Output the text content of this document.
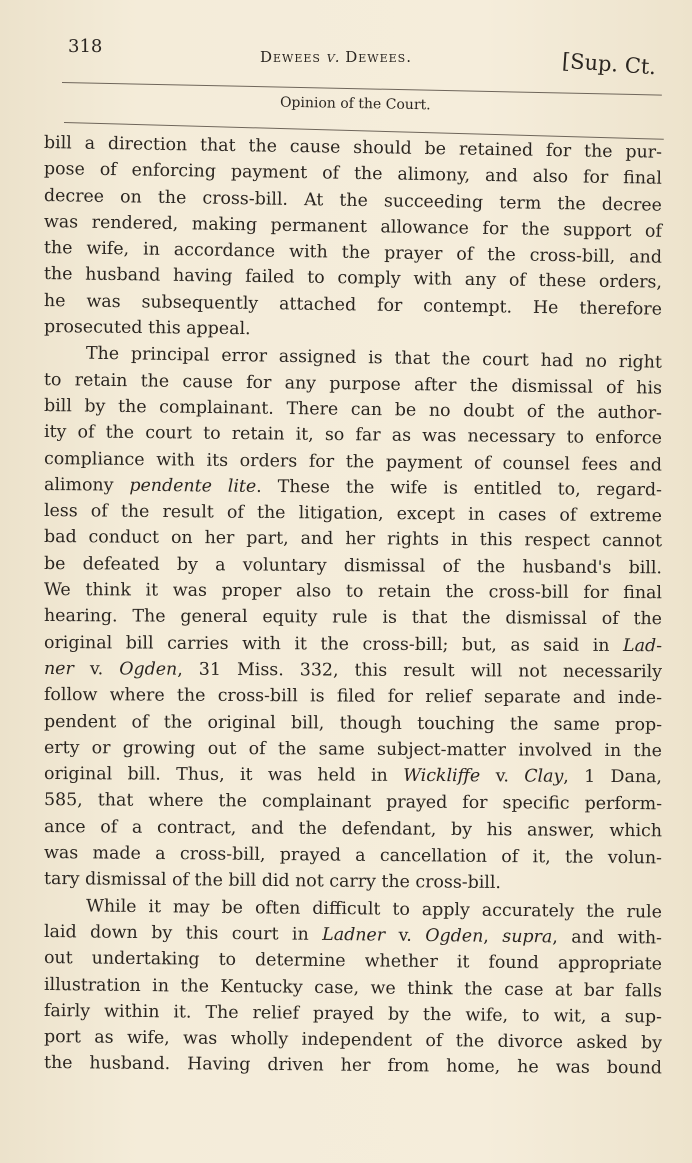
318	Dewees v. Dewees.	[Sup. Ct.
Opinion of the Court.
bill a direction that the cause should be retained for the pur-
pose of enforcing payment of the alimony, and also for final
decree on the cross-bill. At the succeeding term the decree
was rendered, making permanent allowance for the support of
the wife, in accordance with the prayer of the cross-bill, and
the husband having failed to comply with any of these orders,
he was subsequently attached for contempt. He therefore
prosecuted this appeal.
The principal error assigned is that the court had no right
to retain the cause for any purpose after the dismissal of his
bill by the complainant. There can be no doubt of the author-
ity of the court to retain it, so far as was necessary to enforce
compliance with its orders for the payment of counsel fees and
alimony pendente lite. These the wife is entitled to, regard-
less of the result of the litigation, except in cases of extreme
bad conduct on her part, and her rights in this respect cannot
be defeated by a voluntary dismissal of the husband's bill.
We think it was proper also to retain the cross-bill for final
hearing. The general equity rule is that the dismissal of the
original bill carries with it the cross-bill; but, as said in Lad-
ner v. Ogden, 31 Miss. 332, this result will not necessarily
follow where the cross-bill is filed for relief separate and inde-
pendent of the original bill, though touching the same prop-
erty or growing out of the same subject-matter involved in the
original bill. Thus, it was held in Wickliffe v. Clay, 1 Dana,
585, that where the complainant prayed for specific perform-
ance of a contract, and the defendant, by his answer, which
was made a cross-bill, prayed a cancellation of it, the volun-
tary dismissal of the bill did not carry the cross-bill.
While it may be often difficult to apply accurately the rule
laid down by this court in Ladner v. Ogden, supra, and with-
out undertaking to determine whether it found appropriate
illustration in the Kentucky case, we think the case at bar falls
fairly within it. The relief prayed by the wife, to wit, a sup-
port as wife, was wholly independent of the divorce asked by
the husband. Having driven her from home, he was bound
